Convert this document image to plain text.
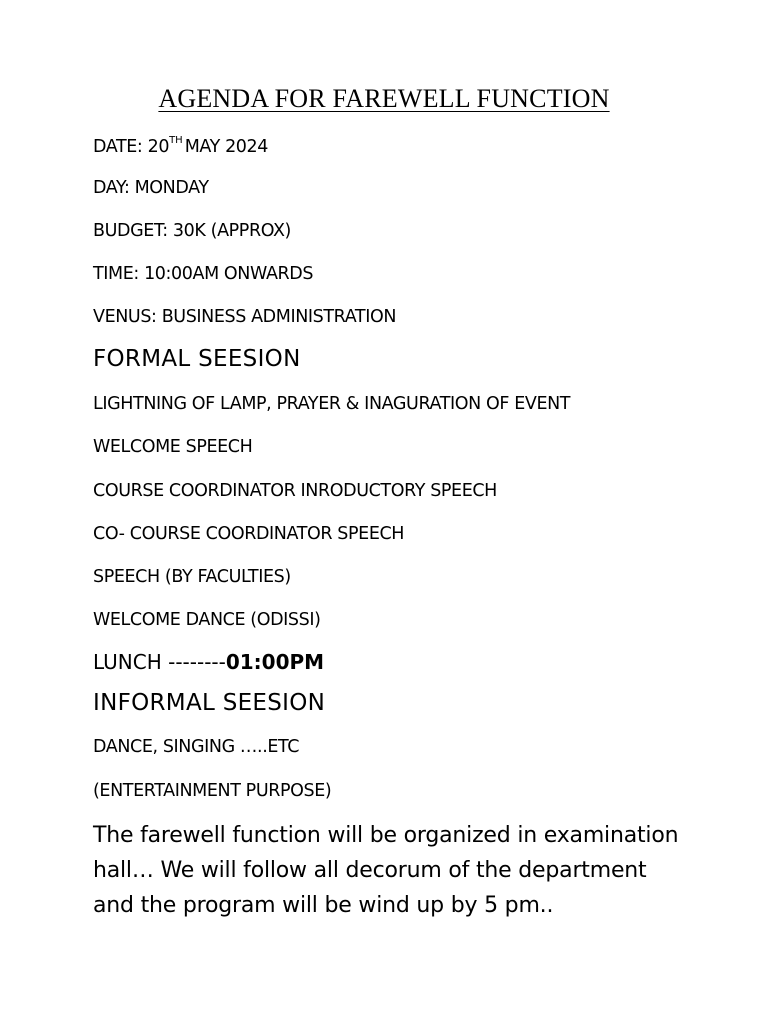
AGENDA FOR FAREWELL FUNCTION
DATE: 20TH MAY 2024
DAY: MONDAY
BUDGET: 30K (APPROX)
TIME: 10:00AM ONWARDS
VENUS: BUSINESS ADMINISTRATION
FORMAL SEESION
LIGHTNING OF LAMP, PRAYER & INAGURATION OF EVENT
WELCOME SPEECH
COURSE COORDINATOR INRODUCTORY SPEECH
CO- COURSE COORDINATOR SPEECH
SPEECH (BY FACULTIES)
WELCOME DANCE (ODISSI)
LUNCH --------01:00PM
INFORMAL SEESION
DANCE, SINGING …..ETC
(ENTERTAINMENT PURPOSE)
The farewell function will be organized in examination hall… We will follow all decorum of the department and the program will be wind up by 5 pm..
